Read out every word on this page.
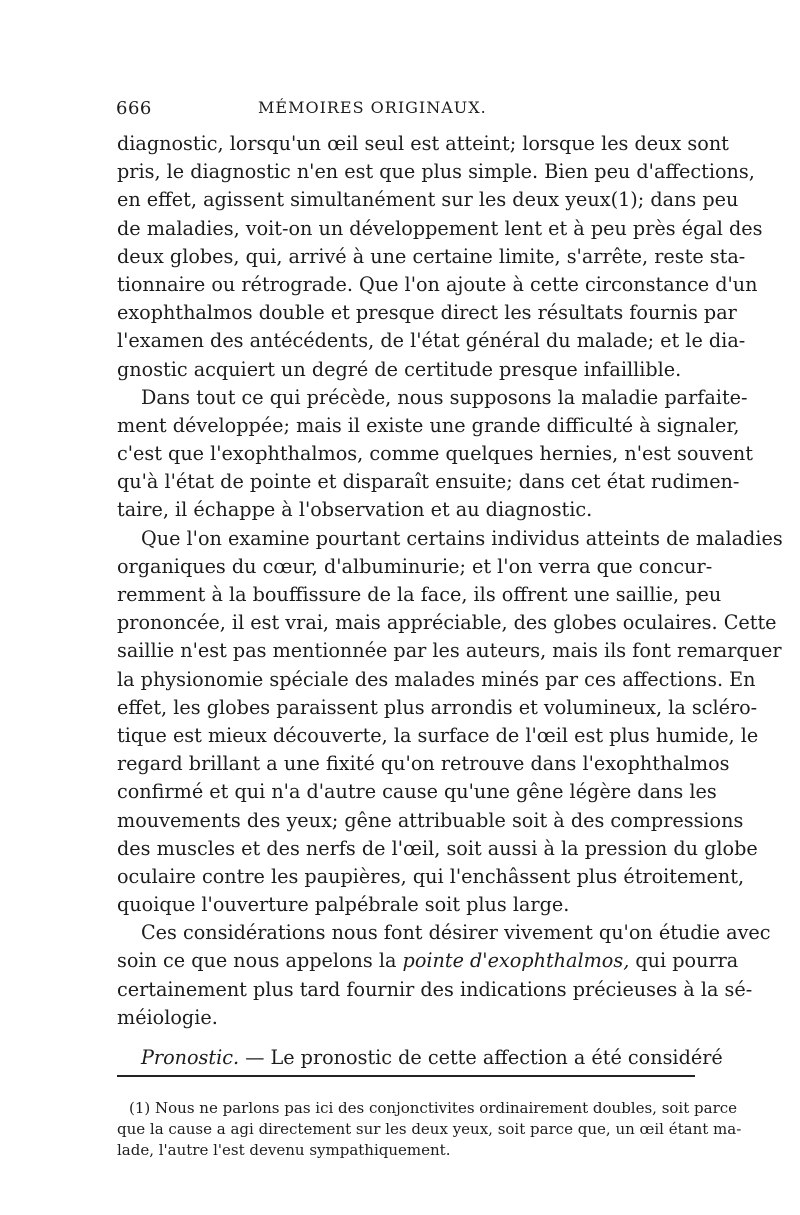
666	MÉMOIRES ORIGINAUX.
diagnostic, lorsqu'un œil seul est atteint; lorsque les deux sont
pris, le diagnostic n'en est que plus simple. Bien peu d'affections,
en effet, agissent simultanément sur les deux yeux(1); dans peu
de maladies, voit-on un développement lent et à peu près égal des
deux globes, qui, arrivé à une certaine limite, s'arrête, reste sta-
tionnaire ou rétrograde. Que l'on ajoute à cette circonstance d'un
exophthalmos double et presque direct les résultats fournis par
l'examen des antécédents, de l'état général du malade; et le dia-
gnostic acquiert un degré de certitude presque infaillible.
Dans tout ce qui précède, nous supposons la maladie parfaite-
ment développée; mais il existe une grande difficulté à signaler,
c'est que l'exophthalmos, comme quelques hernies, n'est souvent
qu'à l'état de pointe et disparaît ensuite; dans cet état rudimen-
taire, il échappe à l'observation et au diagnostic.
Que l'on examine pourtant certains individus atteints de maladies
organiques du cœur, d'albuminurie; et l'on verra que concur-
remment à la bouffissure de la face, ils offrent une saillie, peu
prononcée, il est vrai, mais appréciable, des globes oculaires. Cette
saillie n'est pas mentionnée par les auteurs, mais ils font remarquer
la physionomie spéciale des malades minés par ces affections. En
effet, les globes paraissent plus arrondis et volumineux, la scléro-
tique est mieux découverte, la surface de l'œil est plus humide, le
regard brillant a une fixité qu'on retrouve dans l'exophthalmos
confirmé et qui n'a d'autre cause qu'une gêne légère dans les
mouvements des yeux; gêne attribuable soit à des compressions
des muscles et des nerfs de l'œil, soit aussi à la pression du globe
oculaire contre les paupières, qui l'enchâssent plus étroitement,
quoique l'ouverture palpébrale soit plus large.
Ces considérations nous font désirer vivement qu'on étudie avec
soin ce que nous appelons la pointe d'exophthalmos, qui pourra
certainement plus tard fournir des indications précieuses à la sé-
méiologie.
Pronostic. — Le pronostic de cette affection a été considéré
(1) Nous ne parlons pas ici des conjonctivites ordinairement doubles, soit parce
que la cause a agi directement sur les deux yeux, soit parce que, un œil étant ma-
lade, l'autre l'est devenu sympathiquement.
